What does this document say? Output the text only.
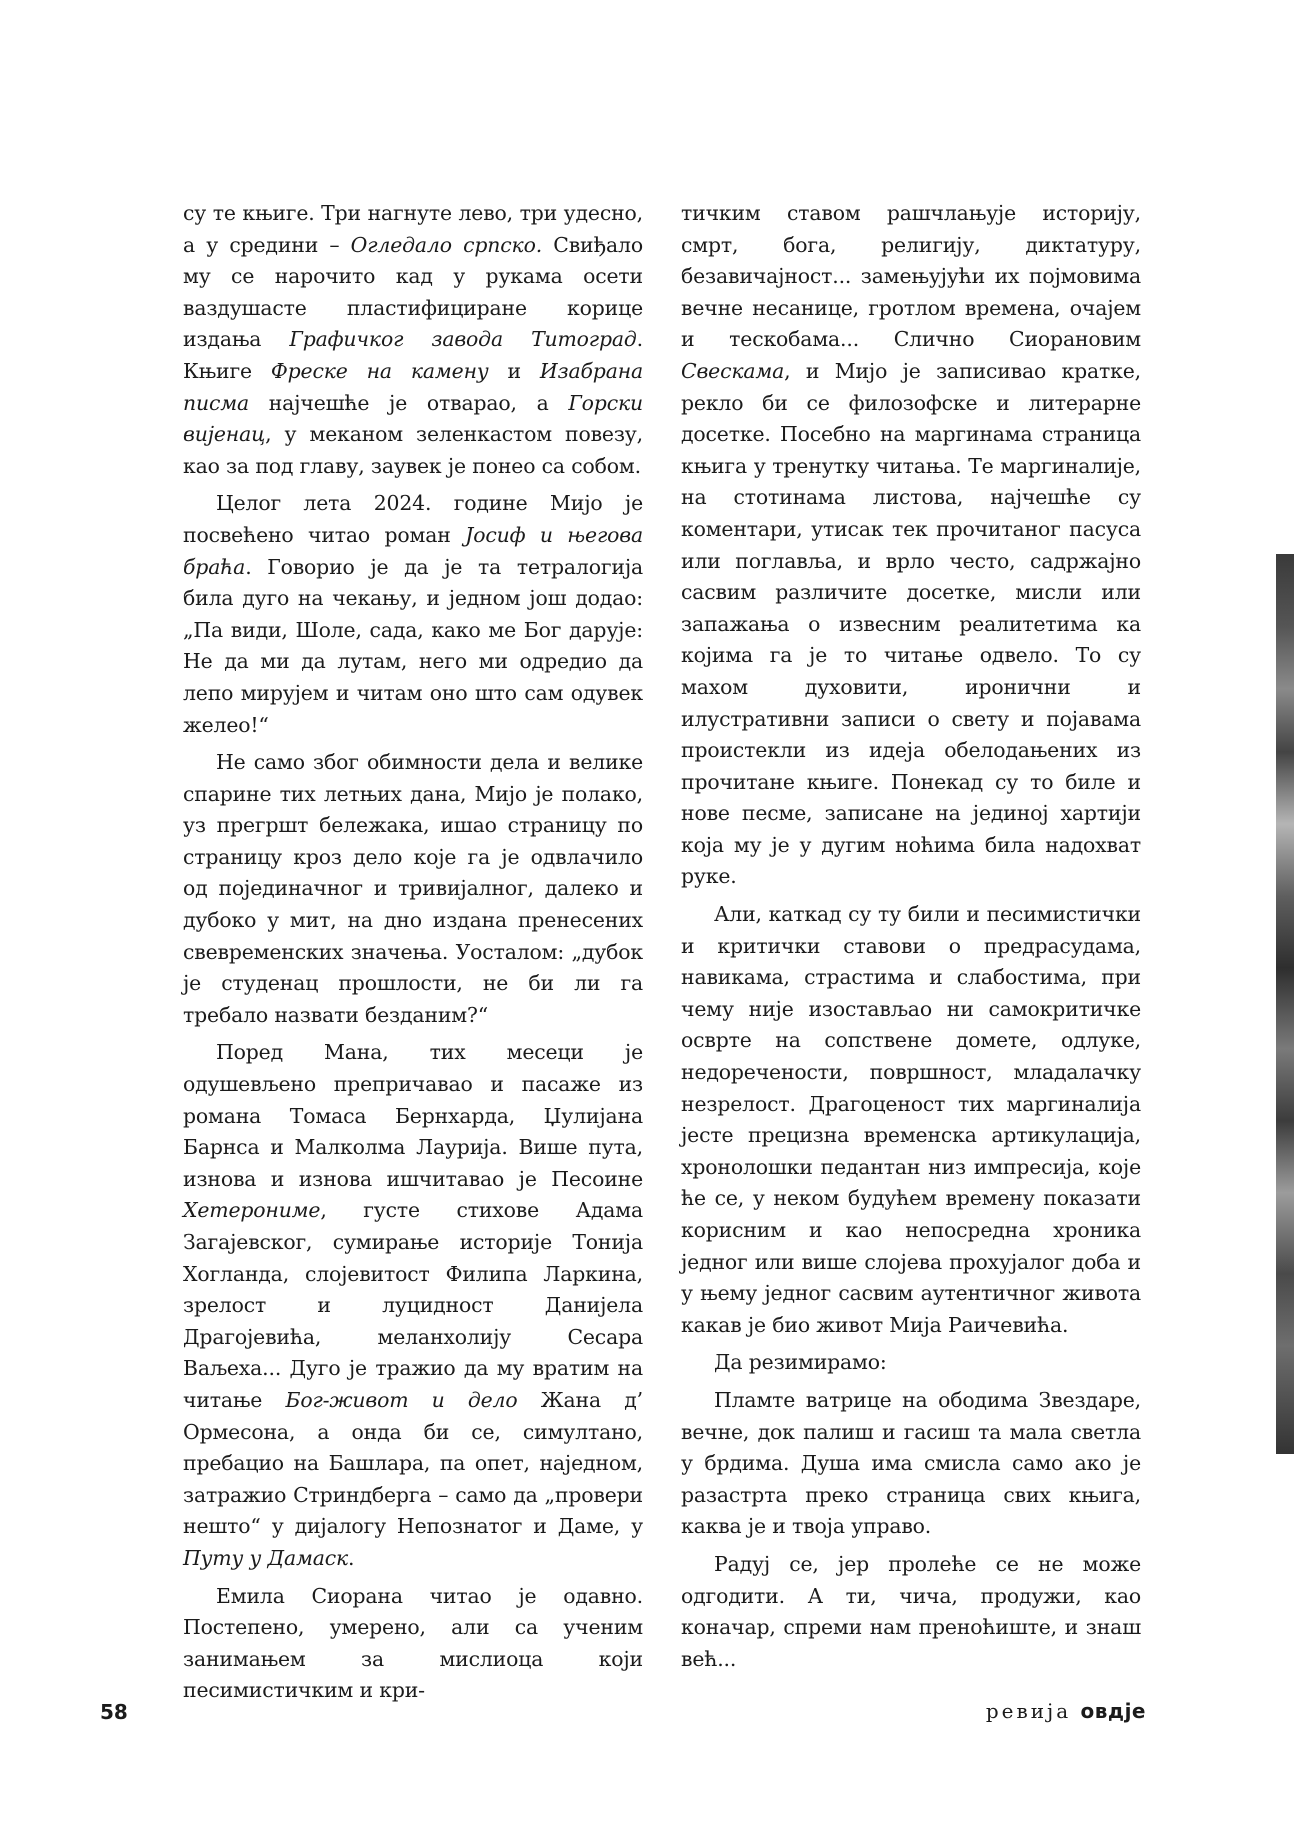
су те књиге. Три нагнуте лево, три удесно, а у средини – Огледало српско. Свиђало му се нарочито кад у рукама осети ваздушасте пластифициране корице издања Графичког завода Титоград. Књиге Фреске на камену и Изабрана писма најчешће је отварао, а Горски вијенац, у меканом зеленкастом повезу, као за под главу, заувек је понео са собом.

Целог лета 2024. године Мијо је посвећено читао роман Јосиф и његова браћа. Говорио је да је та тетралогија била дуго на чекању, и једном још додао: „Па види, Шоле, сада, како ме Бог дарује: Не да ми да лутам, него ми одредио да лепо мирујем и читам оно што сам одувек желео!“

Не само због обимности дела и велике спарине тих летњих дана, Мијо је полако, уз прегршт бележака, ишао страницу по страницу кроз дело које га је одвлачило од појединачног и тривијалног, далеко и дубоко у мит, на дно издана пренесених свевременских значења. Уосталом: „дубок је студенац прошлости, не би ли га требало назвати бездaним?“

Поред Мана, тих месеци је одушевљено препричавао и пасаже из романа Томаса Бернхарда, Џулијана Барнса и Малколма Лаурија. Више пута, изнова и изнова ишчитавао је Песоине Хетерониме, густе стихове Адама Загајевског, сумирање историје Тонија Хогланда, слојевитост Филипа Ларкина, зрелост и луцидност Данијела Драгојевића, меланхолију Сесара Ваљеха... Дуго је тражио да му вратим на читање Бог-живот и дело Жана д’ Ормесона, а онда би се, симултано, пребацио на Башлара, па опет, наједном, затражио Стриндберга – само да „провери нешто“ у дијалогу Непознатог и Даме, у Путу у Дамаск.

Емила Сиорана читао је одавно. Постепено, умерено, али са ученим занимањем за мислиоца који песимистичким и кри-

тичким ставом рашчлањује историју, смрт, бога, религију, диктатуру, безавичајност... замењујући их појмовима вечне несанице, гротлом времена, очајем и тескобама... Слично Сиорановим Свескама, и Мијо је записивао кратке, рекло би се филозофске и литерарне досетке. Посебно на маргинама страница књига у тренутку читања. Те маргиналије, на стотинама листова, најчешће су коментари, утисак тек прочитаног пасуса или поглавља, и врло често, садржајно сасвим различите досетке, мисли или запажања о извесним реалитетима ка којима га је то читање одвело. То су махом духовити, иронични и илустративни записи о свету и појавама проистекли из идеја обелодањених из прочитане књиге. Понекад су то биле и нове песме, записане на јединој хартији која му је у дугим ноћима била надохват руке.

Али, каткад су ту били и песимистички и критички ставови о предрасудама, навикама, страстима и слабостима, при чему није изостављао ни самокритичке осврте на сопствене домете, одлуке, недоречености, површност, младалачку незрелост. Драгоценост тих маргиналија јесте прецизна временска артикулација, хронолошки педантан низ импресија, које ће се, у неком будућем времену показати корисним и као непосредна хроника једног или више слојева прохујалог доба и у њему једног сасвим аутентичног живота какав је био живот Мија Раичевића.

Да резимирамо:

Пламте ватрице на ободима Звездаре, вечне, док палиш и гасиш та мала светла у брдима. Душа има смисла само ако је разастрта преко страница свих књига, каква је и твоја управо.

Радуј се, јер пролеће се не може одгодити. А ти, чича, продужи, као коначар, спреми нам преноћиште, и знаш већ...

58	ревија овдје
